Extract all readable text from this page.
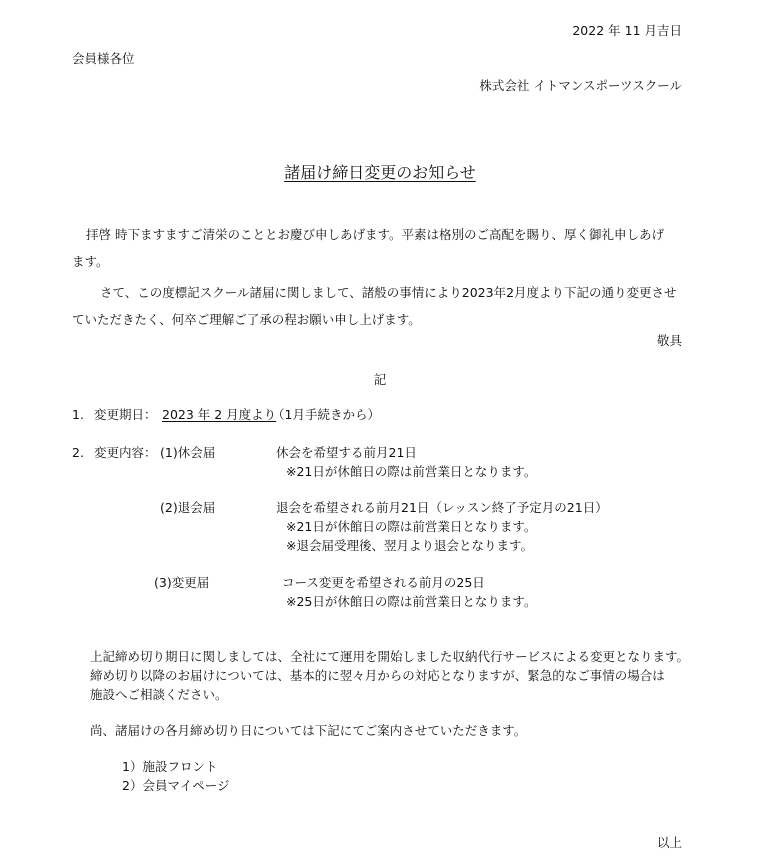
2022 年 11 月吉日
会員様各位
株式会社 イトマンスポーツスクール
諸届け締日変更のお知らせ
拝啓 時下ますますご清栄のこととお慶び申しあげます。平素は格別のご高配を賜り、厚く御礼申しあげ
ます。
さて、この度標記スクール諸届に関しまして、諸般の事情により2023年2月度より下記の通り変更させ
ていただきたく、何卒ご理解ご了承の程お願い申し上げます。
敬具
記
1. 変更期日： 2023 年 2 月度より
（1月手続きから）
2. 変更内容： (1)休会届	休会を希望する前月21日
※21日が休館日の際は前営業日となります。
(2)退会届	退会を希望される前月21日（レッスン終了予定月の21日）
※21日が休館日の際は前営業日となります。
※退会届受理後、翌月より退会となります。
(3)変更届	コース変更を希望される前月の25日
※25日が休館日の際は前営業日となります。
上記締め切り期日に関しましては、全社にて運用を開始しました収納代行サービスによる変更となります。
締め切り以降のお届けについては、基本的に翌々月からの対応となりますが、緊急的なご事情の場合は
施設へご相談ください。
尚、諸届けの各月締め切り日については下記にてご案内させていただきます。
1）施設フロント
2）会員マイページ
以上
